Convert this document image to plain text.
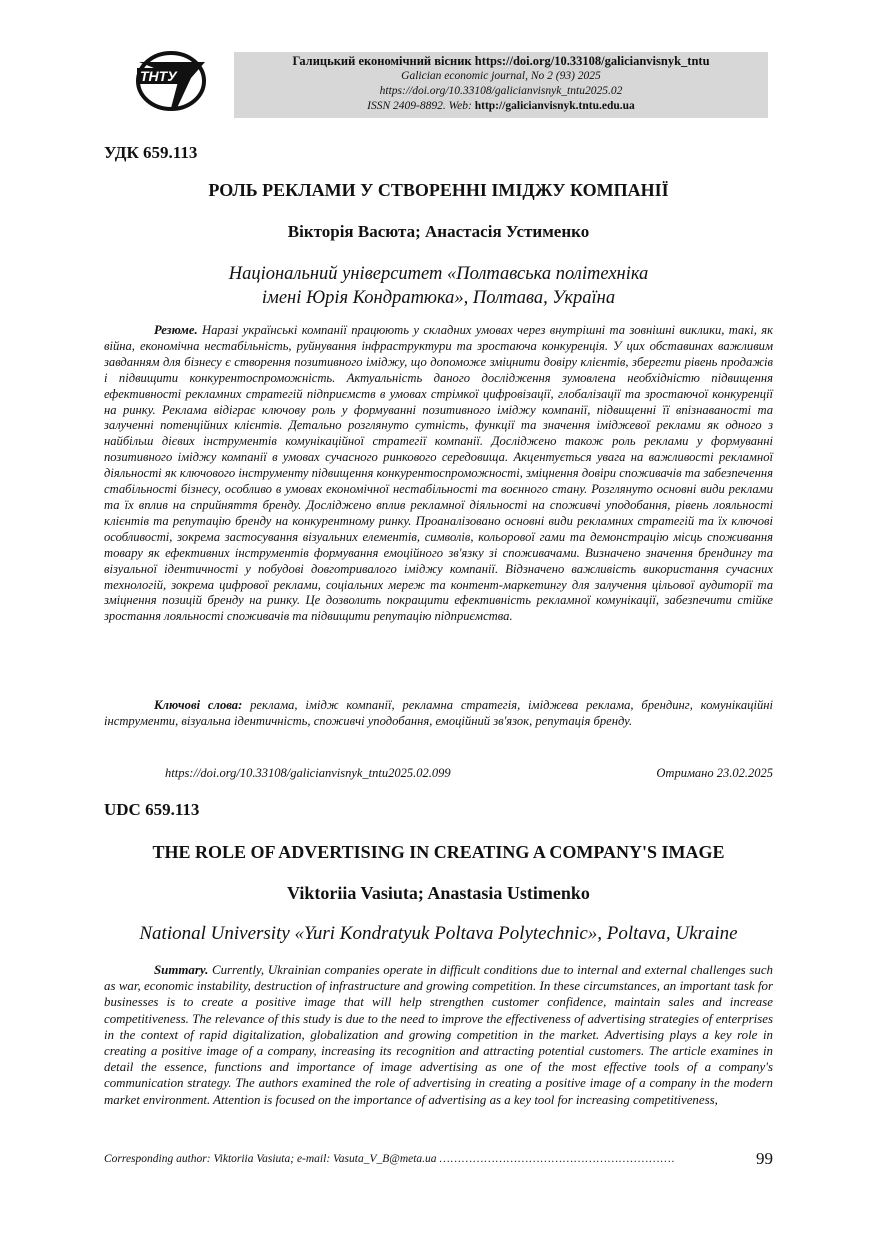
ТНТУ
Галицький економічний вісник https://doi.org/10.33108/galicianvisnyk_tntu
Galician economic journal, No 2 (93) 2025
https://doi.org/10.33108/galicianvisnyk_tntu2025.02
ISSN 2409-8892. Web: http://galicianvisnyk.tntu.edu.ua
УДК 659.113
РОЛЬ РЕКЛАМИ У СТВОРЕННІ ІМІДЖУ КОМПАНІЇ
Вікторія Васюта; Анастасія Устименко
Національний університет «Полтавська політехніка
імені Юрія Кондратюка», Полтава, Україна

Резюме. Наразі українські компанії працюють у складних умовах через внутрішні та зовнішні виклики, такі, як війна, економічна нестабільність, руйнування інфраструктури та зростаюча конкуренція. У цих обставинах важливим завданням для бізнесу є створення позитивного іміджу, що допоможе зміцнити довіру клієнтів, зберегти рівень продажів і підвищити конкурентоспроможність. Актуальність даного дослідження зумовлена необхідністю підвищення ефективності рекламних стратегій підприємств в умовах стрімкої цифровізації, глобалізації та зростаючої конкуренції на ринку. Реклама відіграє ключову роль у формуванні позитивного іміджу компанії, підвищенні її впізнаваності та залученні потенційних клієнтів. Детально розглянуто сутність, функції та значення іміджевої реклами як одного з найбільш дієвих інструментів комунікаційної стратегії компанії. Досліджено також роль реклами у формуванні позитивного іміджу компанії в умовах сучасного ринкового середовища. Акцентується увага на важливості рекламної діяльності як ключового інструменту підвищення конкурентоспроможності, зміцнення довіри споживачів та забезпечення стабільності бізнесу, особливо в умовах економічної нестабільності та воєнного стану. Розглянуто основні види реклами та їх вплив на сприйняття бренду. Досліджено вплив рекламної діяльності на споживчі уподобання, рівень лояльності клієнтів та репутацію бренду на конкурентному ринку. Проаналізовано основні види рекламних стратегій та їх ключові особливості, зокрема застосування візуальних елементів, символів, кольорової гами та демонстрацію місць споживання товару як ефективних інструментів формування емоційного зв'язку зі споживачами. Визначено значення брендингу та візуальної ідентичності у побудові довготривалого іміджу компанії. Відзначено важливість використання сучасних технологій, зокрема цифрової реклами, соціальних мереж та контент-маркетингу для залучення цільової аудиторії та зміцнення позицій бренду на ринку. Це дозволить покращити ефективність рекламної комунікації, забезпечити стійке зростання лояльності споживачів та підвищити репутацію підприємства.

Ключові слова: реклама, імідж компанії, рекламна стратегія, іміджева реклама, брендинг, комунікаційні інструменти, візуальна ідентичність, споживчі уподобання, емоційний зв'язок, репутація бренду.

https://doi.org/10.33108/galicianvisnyk_tntu2025.02.099	Отримано 23.02.2025
UDC 659.113
THE ROLE OF ADVERTISING IN CREATING A COMPANY'S IMAGE
Viktoriia Vasiuta; Anastasia Ustimenko
National University «Yuri Kondratyuk Poltava Polytechnic», Poltava, Ukraine

Summary. Currently, Ukrainian companies operate in difficult conditions due to internal and external challenges such as war, economic instability, destruction of infrastructure and growing competition. In these circumstances, an important task for businesses is to create a positive image that will help strengthen customer confidence, maintain sales and increase competitiveness. The relevance of this study is due to the need to improve the effectiveness of advertising strategies of enterprises in the context of rapid digitalization, globalization and growing competition in the market. Advertising plays a key role in creating a positive image of a company, increasing its recognition and attracting potential customers. The article examines in detail the essence, functions and importance of image advertising as one of the most effective tools of a company's communication strategy. The authors examined the role of advertising in creating a positive image of a company in the modern market environment. Attention is focused on the importance of advertising as a key tool for increasing competitiveness,

Corresponding author: Viktoriia Vasiuta; e-mail: Vasuta_V_B@meta.ua ……………………………………………..……….	99
